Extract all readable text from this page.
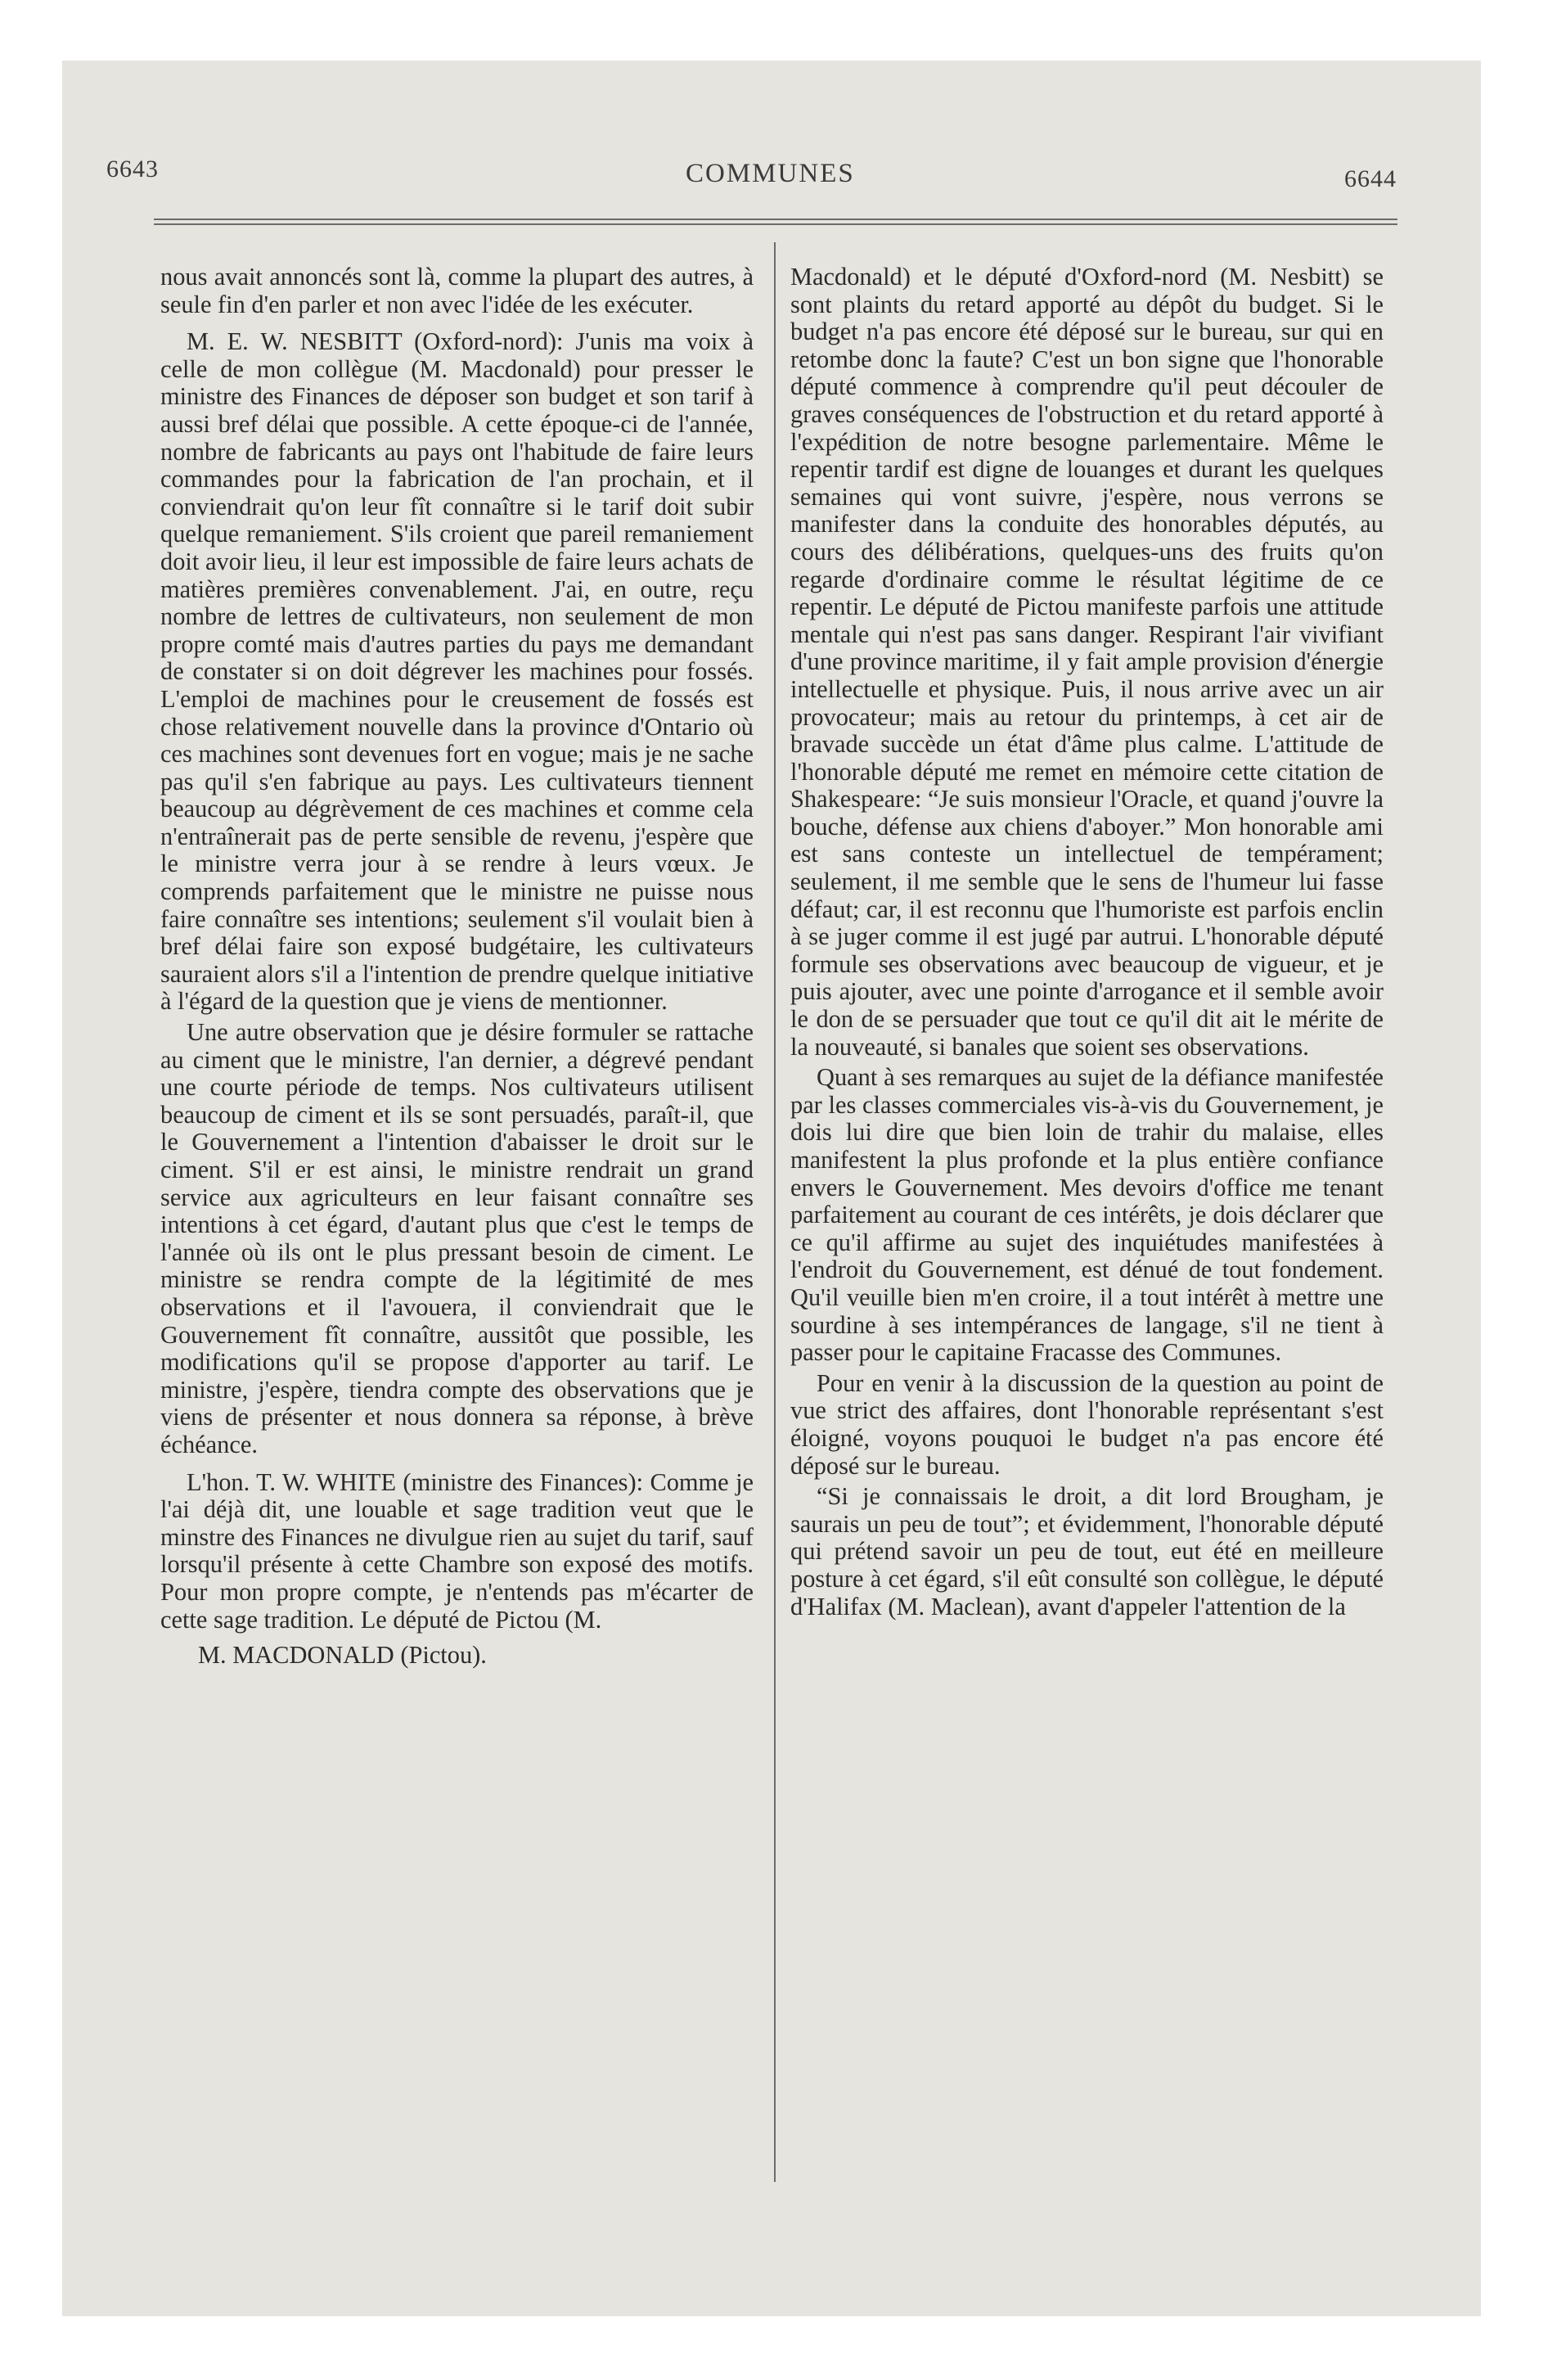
6643	COMMUNES	6644

nous avait annoncés sont là, comme la plupart des autres, à seule fin d'en parler et non avec l'idée de les exécuter.

M. E. W. NESBITT (Oxford-nord): J'unis ma voix à celle de mon collègue (M. Macdonald) pour presser le ministre des Finances de déposer son budget et son tarif à aussi bref délai que possible. A cette époque-ci de l'année, nombre de fabricants au pays ont l'habitude de faire leurs commandes pour la fabrication de l'an prochain, et il conviendrait qu'on leur fît connaître si le tarif doit subir quelque remaniement. S'ils croient que pareil remaniement doit avoir lieu, il leur est impossible de faire leurs achats de matières premières convenablement. J'ai, en outre, reçu nombre de lettres de cultivateurs, non seulement de mon propre comté mais d'autres parties du pays me demandant de constater si on doit dégrever les machines pour fossés. L'emploi de machines pour le creusement de fossés est chose relativement nouvelle dans la province d'Ontario où ces machines sont devenues fort en vogue; mais je ne sache pas qu'il s'en fabrique au pays. Les cultivateurs tiennent beaucoup au dégrèvement de ces machines et comme cela n'entraînerait pas de perte sensible de revenu, j'espère que le ministre verra jour à se rendre à leurs vœux. Je comprends parfaitement que le ministre ne puisse nous faire connaître ses intentions; seulement s'il voulait bien à bref délai faire son exposé budgétaire, les cultivateurs sauraient alors s'il a l'intention de prendre quelque initiative à l'égard de la question que je viens de mentionner.

Une autre observation que je désire formuler se rattache au ciment que le ministre, l'an dernier, a dégrevé pendant une courte période de temps. Nos cultivateurs utilisent beaucoup de ciment et ils se sont persuadés, paraît-il, que le Gouvernement a l'intention d'abaisser le droit sur le ciment. S'il er est ainsi, le ministre rendrait un grand service aux agriculteurs en leur faisant connaître ses intentions à cet égard, d'autant plus que c'est le temps de l'année où ils ont le plus pressant besoin de ciment. Le ministre se rendra compte de la légitimité de mes observations et il l'avouera, il conviendrait que le Gouvernement fît connaître, aussitôt que possible, les modifications qu'il se propose d'apporter au tarif. Le ministre, j'espère, tiendra compte des observations que je viens de présenter et nous donnera sa réponse, à brève échéance.

L'hon. T. W. WHITE (ministre des Finances): Comme je l'ai déjà dit, une louable et sage tradition veut que le minstre des Finances ne divulgue rien au sujet du tarif, sauf lorsqu'il présente à cette Chambre son exposé des motifs. Pour mon propre compte, je n'entends pas m'écarter de cette sage tradition. Le député de Pictou (M.

M. MACDONALD (Pictou).

Macdonald) et le député d'Oxford-nord (M. Nesbitt) se sont plaints du retard apporté au dépôt du budget. Si le budget n'a pas encore été déposé sur le bureau, sur qui en retombe donc la faute? C'est un bon signe que l'honorable député commence à comprendre qu'il peut découler de graves conséquences de l'obstruction et du retard apporté à l'expédition de notre besogne parlementaire. Même le repentir tardif est digne de louanges et durant les quelques semaines qui vont suivre, j'espère, nous verrons se manifester dans la conduite des honorables députés, au cours des délibérations, quelques-uns des fruits qu'on regarde d'ordinaire comme le résultat légitime de ce repentir. Le député de Pictou manifeste parfois une attitude mentale qui n'est pas sans danger. Respirant l'air vivifiant d'une province maritime, il y fait ample provision d'énergie intellectuelle et physique. Puis, il nous arrive avec un air provocateur; mais au retour du printemps, à cet air de bravade succède un état d'âme plus calme. L'attitude de l'honorable député me remet en mémoire cette citation de Shakespeare: “Je suis monsieur l'Oracle, et quand j'ouvre la bouche, défense aux chiens d'aboyer.” Mon honorable ami est sans conteste un intellectuel de tempérament; seulement, il me semble que le sens de l'humeur lui fasse défaut; car, il est reconnu que l'humoriste est parfois enclin à se juger comme il est jugé par autrui. L'honorable député formule ses observations avec beaucoup de vigueur, et je puis ajouter, avec une pointe d'arrogance et il semble avoir le don de se persuader que tout ce qu'il dit ait le mérite de la nouveauté, si banales que soient ses observations.

Quant à ses remarques au sujet de la défiance manifestée par les classes commerciales vis-à-vis du Gouvernement, je dois lui dire que bien loin de trahir du malaise, elles manifestent la plus profonde et la plus entière confiance envers le Gouvernement. Mes devoirs d'office me tenant parfaitement au courant de ces intérêts, je dois déclarer que ce qu'il affirme au sujet des inquiétudes manifestées à l'endroit du Gouvernement, est dénué de tout fondement. Qu'il veuille bien m'en croire, il a tout intérêt à mettre une sourdine à ses intempérances de langage, s'il ne tient à passer pour le capitaine Fracasse des Communes.

Pour en venir à la discussion de la question au point de vue strict des affaires, dont l'honorable représentant s'est éloigné, voyons pouquoi le budget n'a pas encore été déposé sur le bureau.

“Si je connaissais le droit, a dit lord Brougham, je saurais un peu de tout”; et évidemment, l'honorable député qui prétend savoir un peu de tout, eut été en meilleure posture à cet égard, s'il eût consulté son collègue, le député d'Halifax (M. Maclean), avant d'appeler l'attention de la
